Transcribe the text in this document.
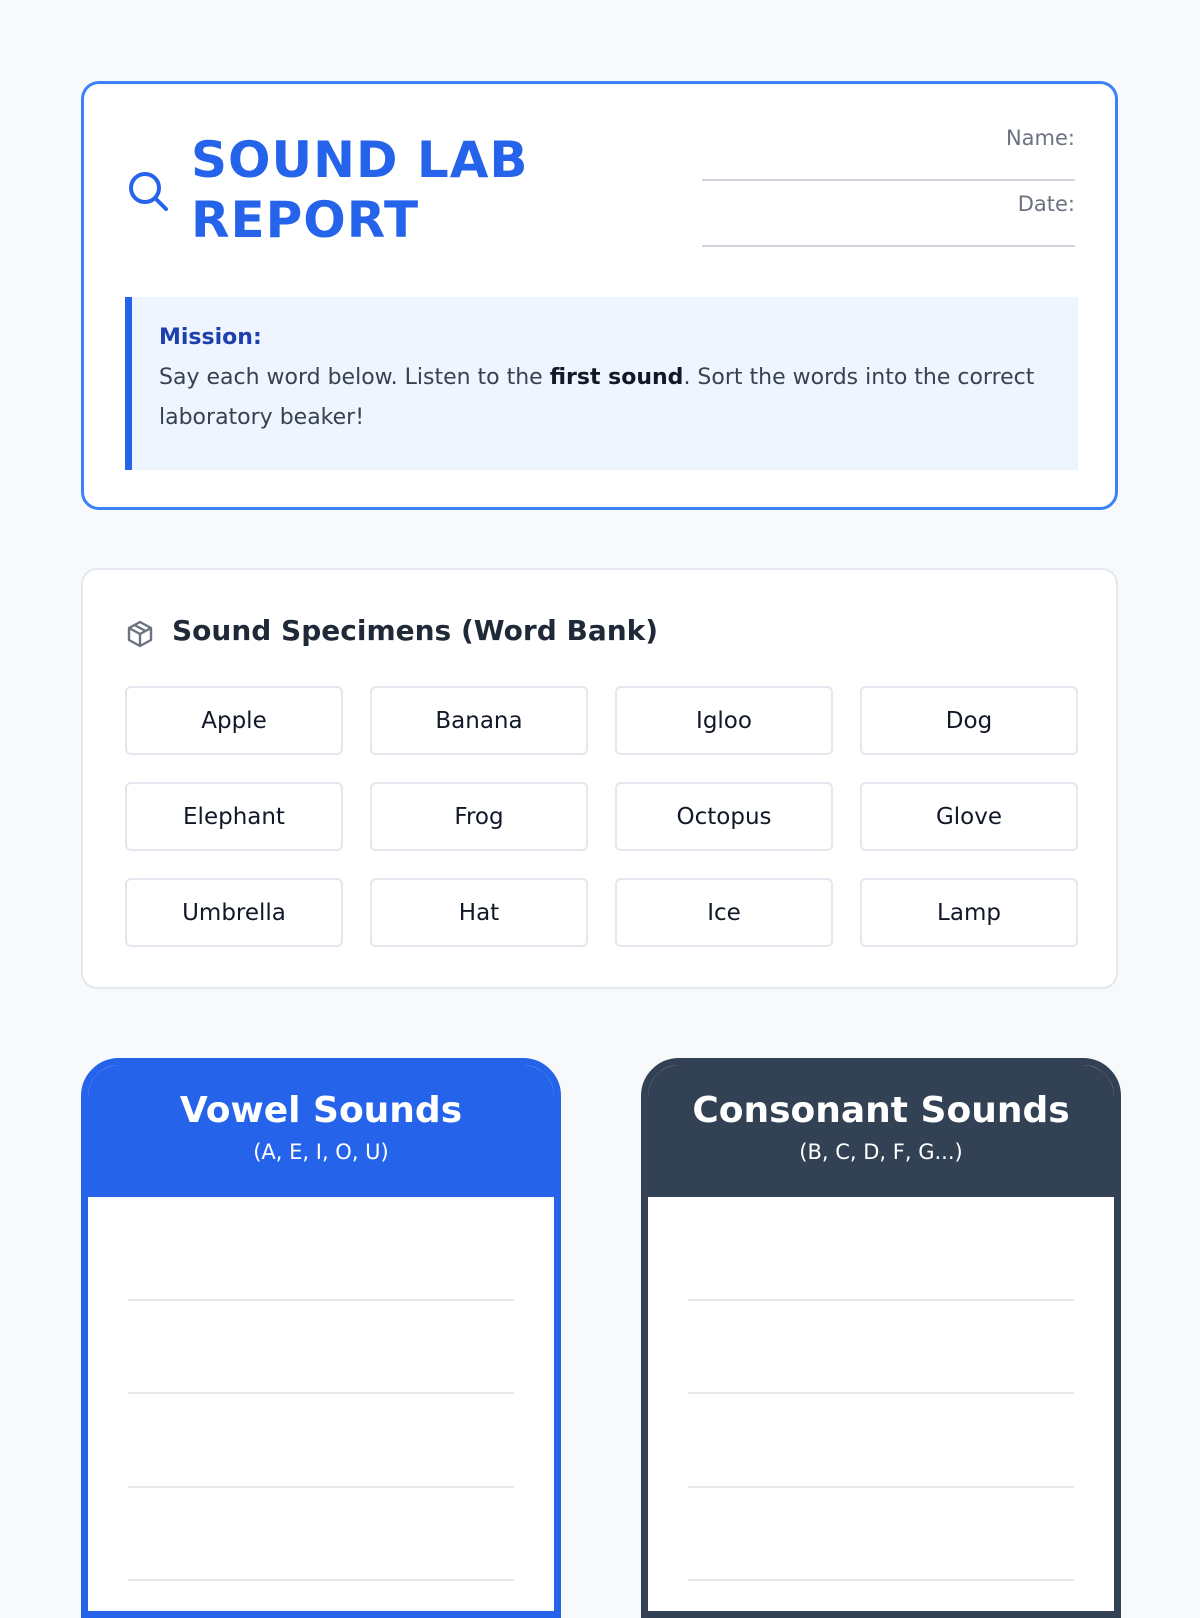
SOUND LAB
REPORT
Name:
Date:

Mission:

Say each word below. Listen to the first sound. Sort the words into the correct laboratory beaker!

Sound Specimens (Word Bank)
Apple	Banana	Igloo	Dog
Elephant	Frog	Octopus	Glove
Umbrella	Hat	Ice	Lamp

Vowel Sounds

(A, E, I, O, U)

Consonant Sounds

(B, C, D, F, G...)
